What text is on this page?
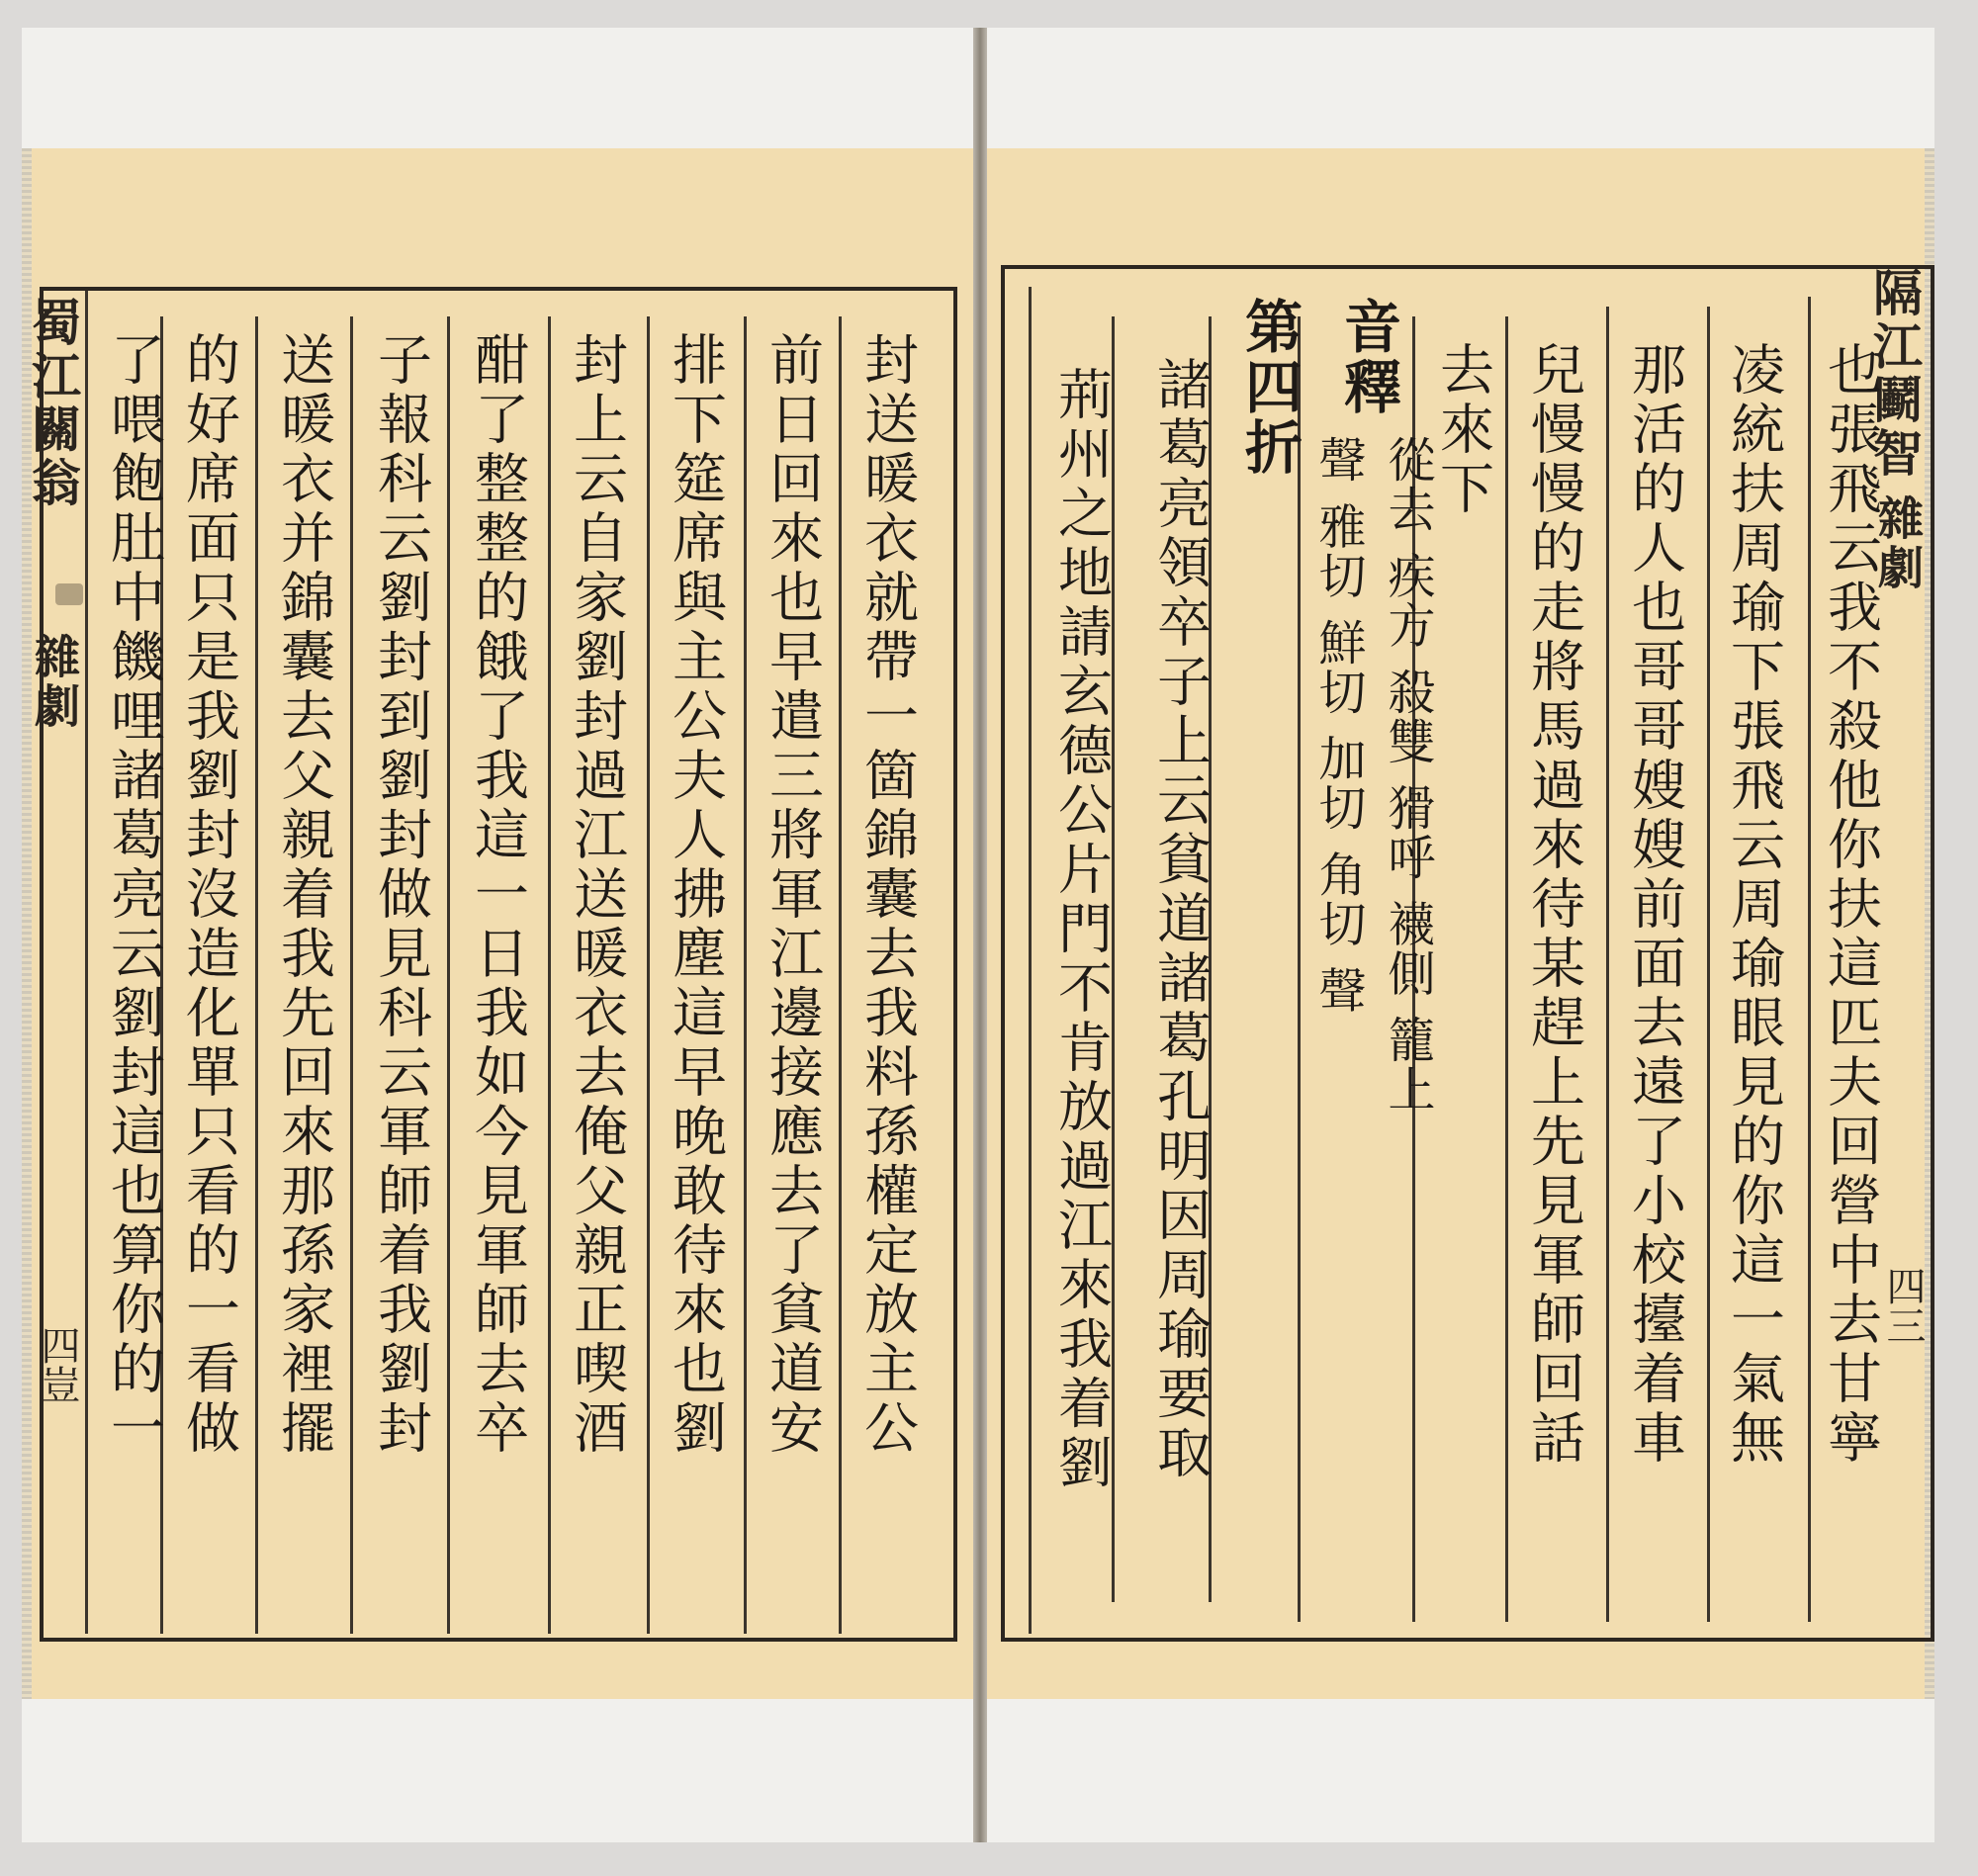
蜀江關翁
雜劇
四豈	封送暖衣就帶一箇錦囊去我料孫權定放主公
前日回來也早遣三將軍江邊接應去了貧道安
排下筵席與主公夫人拂塵這早晚敢待來也劉
封上云自家劉封過江送暖衣去俺父親正喫酒
酣了整整的餓了我這一日我如今見軍師去卒
子報科云劉封到劉封做見科云軍師着我劉封
送暖衣并錦囊去父親着我先回來那孫家裡擺
的好席面只是我劉封沒造化單只看的一看做
了喂飽肚中饑哩諸葛亮云劉封這也算你的一	隔江鬬智
雜劇
四三
也張飛云我不殺他你扶這匹夫回營中去甘寧
凌統扶周瑜下張飛云周瑜眼見的你這一氣無
那活的人也哥哥嫂嫂前面去遠了小校擡着車
兒慢慢的走將馬過來待某趕上先見軍師回話
去來下
音釋
從去 疾方 殺雙 猾呼 襪側 籠上
聲 雅切 鮮切 加切 角切 聲
第四折
諸葛亮領卒子上云貧道諸葛孔明因周瑜要取
荊州之地請玄德公片門不肯放過江來我着劉
